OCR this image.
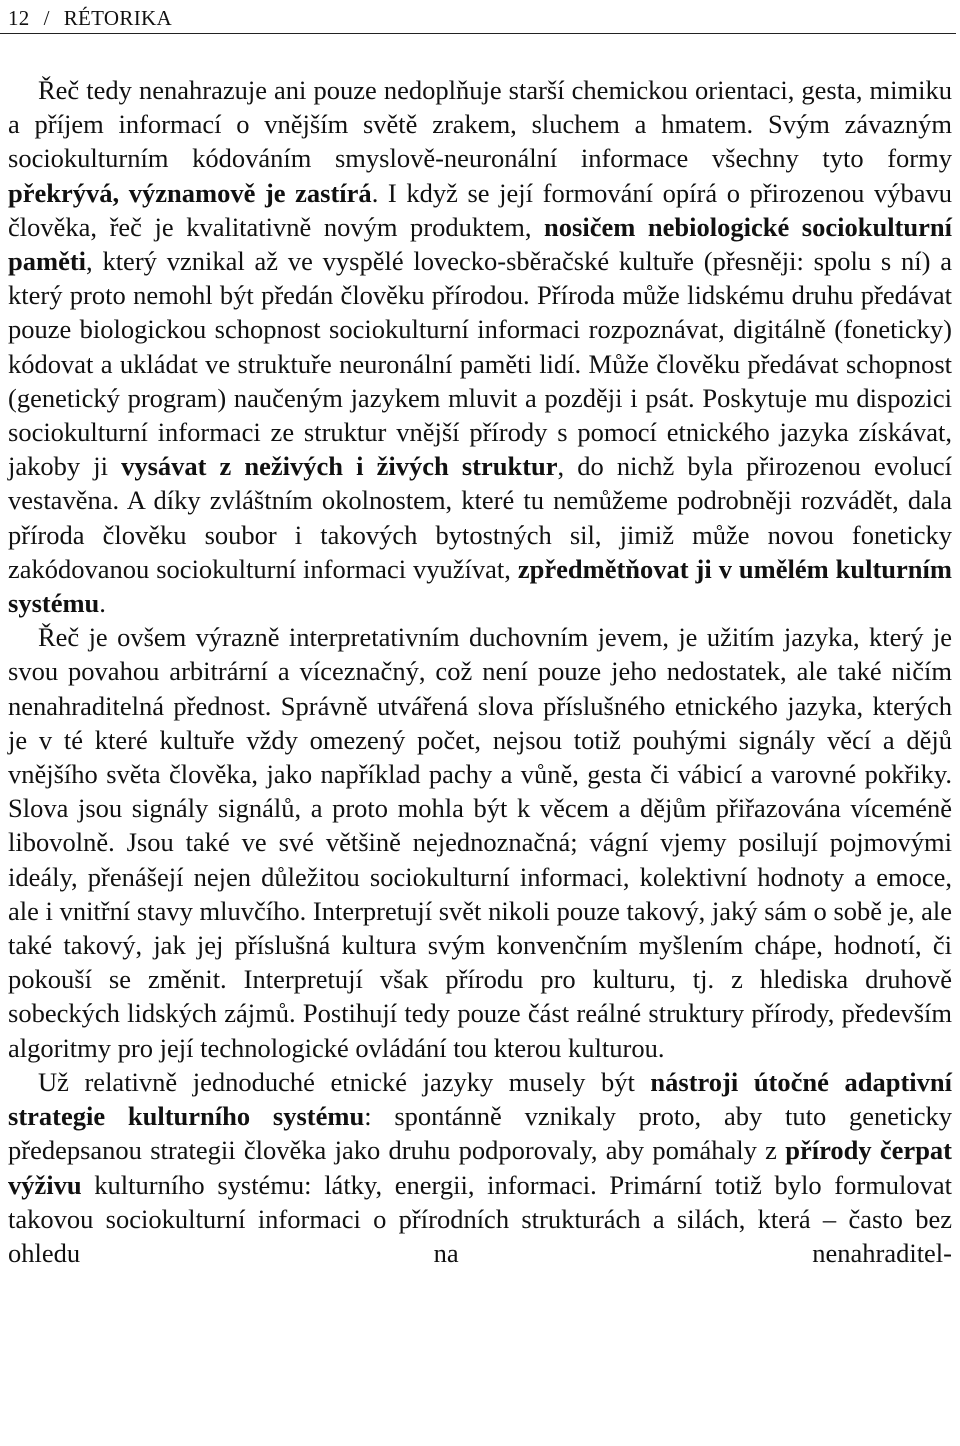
12 / RÉTORIKA

Řeč tedy nenahrazuje ani pouze nedoplňuje starší chemickou orientaci, gesta, mimiku a příjem informací o vnějším světě zrakem, sluchem a hmatem. Svým závazným sociokulturním kódováním smyslově-neuronální informace všechny tyto formy překrývá, významově je zastírá. I když se její formování opírá o přirozenou výbavu člověka, řeč je kvalitativně novým produktem, nosičem nebiologické sociokulturní paměti, který vznikal až ve vyspělé lovecko-sběračské kultuře (přesněji: spolu s ní) a který proto nemohl být předán člověku přírodou. Příroda může lidskému druhu předávat pouze biologickou schopnost sociokulturní informaci rozpoznávat, digitálně (foneticky) kódovat a ukládat ve struktuře neuronální paměti lidí. Může člověku předávat schopnost (genetický program) naučeným jazykem mluvit a později i psát. Poskytuje mu dispozici sociokulturní informaci ze struktur vnější přírody s pomocí etnického jazyka získávat, jakoby ji vysávat z neživých i živých struktur, do nichž byla přirozenou evolucí vestavěna. A díky zvláštním okolnostem, které tu nemůžeme podrobněji rozvádět, dala příroda člověku soubor i takových bytostných sil, jimiž může novou foneticky zakódovanou sociokulturní informaci využívat, zpředmětňovat ji v umělém kulturním systému.

Řeč je ovšem výrazně interpretativním duchovním jevem, je užitím jazyka, který je svou povahou arbitrární a víceznačný, což není pouze jeho nedostatek, ale také ničím nenahraditelná přednost. Správně utvářená slova příslušného etnického jazyka, kterých je v té které kultuře vždy omezený počet, nejsou totiž pouhými signály věcí a dějů vnějšího světa člověka, jako například pachy a vůně, gesta či vábicí a varovné pokřiky. Slova jsou signály signálů, a proto mohla být k věcem a dějům přiřazována víceméně libovolně. Jsou také ve své většině nejednoznačná; vágní vjemy posilují pojmovými ideály, přenášejí nejen důležitou sociokulturní informaci, kolektivní hodnoty a emoce, ale i vnitřní stavy mluvčího. Interpretují svět nikoli pouze takový, jaký sám o sobě je, ale také takový, jak jej příslušná kultura svým konvenčním myšlením chápe, hodnotí, či pokouší se změnit. Interpretují však přírodu pro kulturu, tj. z hlediska druhově sobeckých lidských zájmů. Postihují tedy pouze část reálné struktury přírody, především algoritmy pro její technologické ovládání tou kterou kulturou.

Už relativně jednoduché etnické jazyky musely být nástroji útočné adaptivní strategie kulturního systému: spontánně vznikaly proto, aby tuto geneticky předepsanou strategii člověka jako druhu podporovaly, aby pomáhaly z přírody čerpat výživu kulturního systému: látky, energii, informaci. Primární totiž bylo formulovat takovou sociokulturní informaci o přírodních strukturách a silách, která – často bez ohledu na nenahraditel-
